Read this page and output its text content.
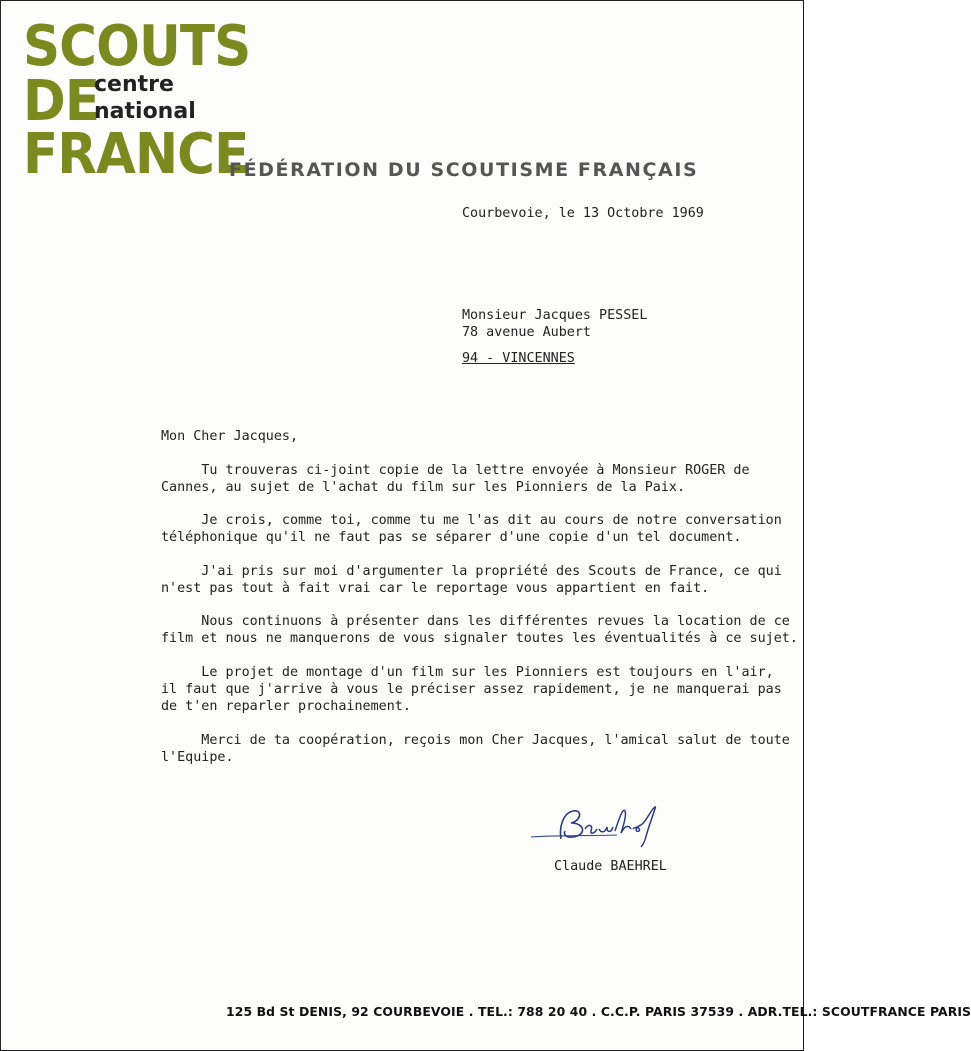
SCOUTS
DE
FRANCE
centre
national
FÉDÉRATION DU SCOUTISME FRANÇAIS
Courbevoie, le 13 Octobre 1969
Monsieur Jacques PESSEL
78 avenue Aubert
94 - VINCENNES
Mon Cher Jacques,
Tu trouveras ci-joint copie de la lettre envoyée à Monsieur ROGER de
Cannes, au sujet de l'achat du film sur les Pionniers de la Paix.
Je crois, comme toi, comme tu me l'as dit au cours de notre conversation
téléphonique qu'il ne faut pas se séparer d'une copie d'un tel document.
J'ai pris sur moi d'argumenter la propriété des Scouts de France, ce qui
n'est pas tout à fait vrai car le reportage vous appartient en fait.
Nous continuons à présenter dans les différentes revues la location de ce
film et nous ne manquerons de vous signaler toutes les éventualités à ce sujet.
Le projet de montage d'un film sur les Pionniers est toujours en l'air,
il faut que j'arrive à vous le préciser assez rapidement, je ne manquerai pas
de t'en reparler prochainement.
Merci de ta coopération, reçois mon Cher Jacques, l'amical salut de toute
l'Equipe.
Claude BAEHREL
125 Bd St DENIS, 92 COURBEVOIE . TEL.: 788 20 40 . C.C.P. PARIS 37539 . ADR.TEL.: SCOUTFRANCE PARIS
